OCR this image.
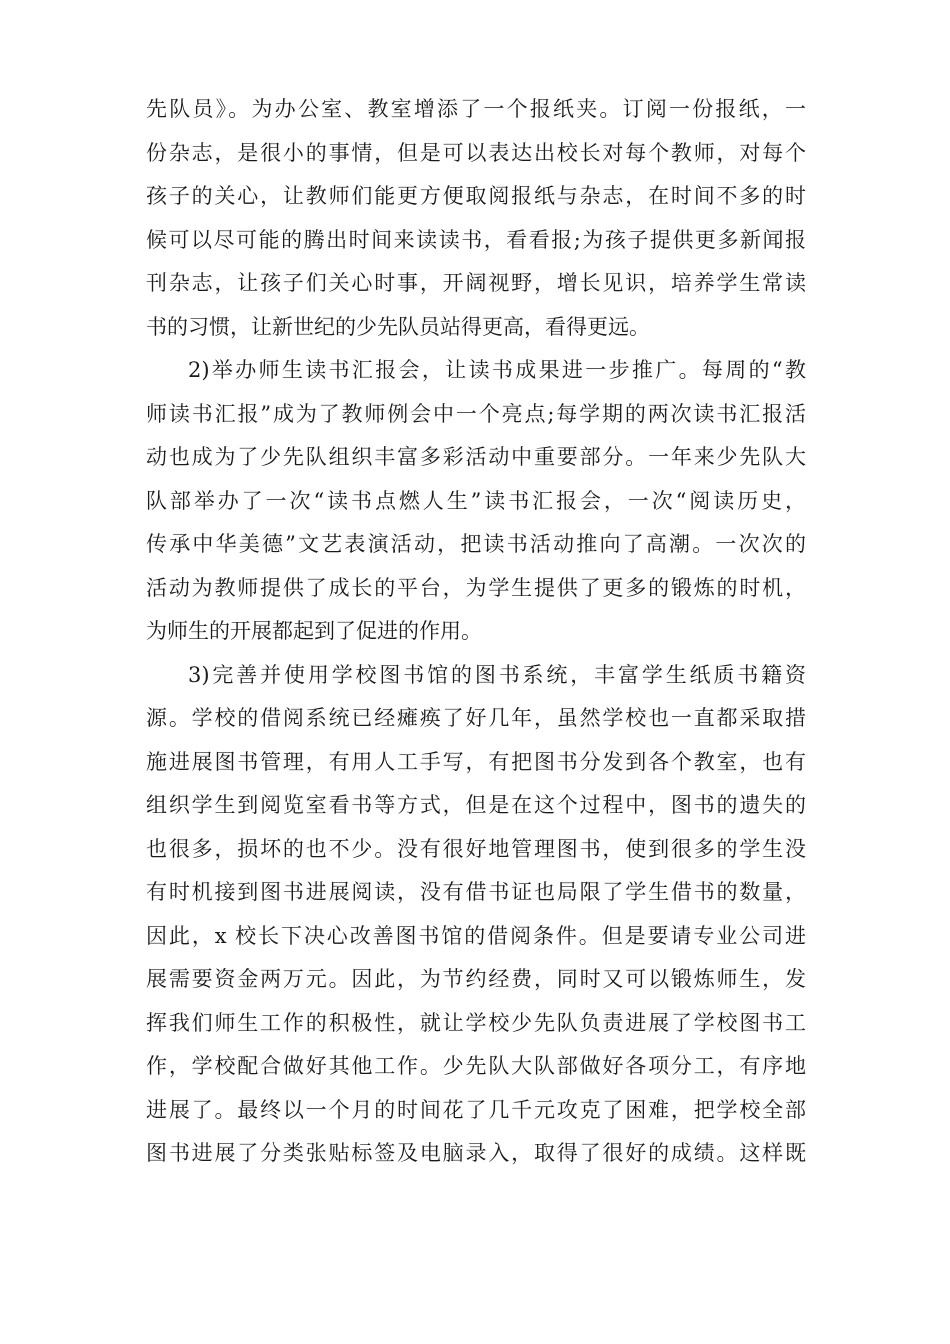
先队员》。为办公室、教室增添了一个报纸夹。订阅一份报纸，一
份杂志，是很小的事情，但是可以表达出校长对每个教师，对每个
孩子的关心，让教师们能更方便取阅报纸与杂志，在时间不多的时
候可以尽可能的腾出时间来读读书，看看报;为孩子提供更多新闻报
刊杂志，让孩子们关心时事，开阔视野，增长见识，培养学生常读
书的习惯，让新世纪的少先队员站得更高，看得更远。
2)举办师生读书汇报会，让读书成果进一步推广。每周的“教
师读书汇报”成为了教师例会中一个亮点;每学期的两次读书汇报活
动也成为了少先队组织丰富多彩活动中重要部分。一年来少先队大
队部举办了一次“读书点燃人生”读书汇报会，一次“阅读历史，
传承中华美德”文艺表演活动，把读书活动推向了高潮。一次次的
活动为教师提供了成长的平台，为学生提供了更多的锻炼的时机，
为师生的开展都起到了促进的作用。
3)完善并使用学校图书馆的图书系统，丰富学生纸质书籍资
源。学校的借阅系统已经瘫痪了好几年，虽然学校也一直都采取措
施进展图书管理，有用人工手写，有把图书分发到各个教室，也有
组织学生到阅览室看书等方式，但是在这个过程中，图书的遗失的
也很多，损坏的也不少。没有很好地管理图书，使到很多的学生没
有时机接到图书进展阅读，没有借书证也局限了学生借书的数量，
因此，x 校长下决心改善图书馆的借阅条件。但是要请专业公司进
展需要资金两万元。因此，为节约经费，同时又可以锻炼师生，发
挥我们师生工作的积极性，就让学校少先队负责进展了学校图书工
作，学校配合做好其他工作。少先队大队部做好各项分工，有序地
进展了。最终以一个月的时间花了几千元攻克了困难，把学校全部
图书进展了分类张贴标签及电脑录入，取得了很好的成绩。这样既
